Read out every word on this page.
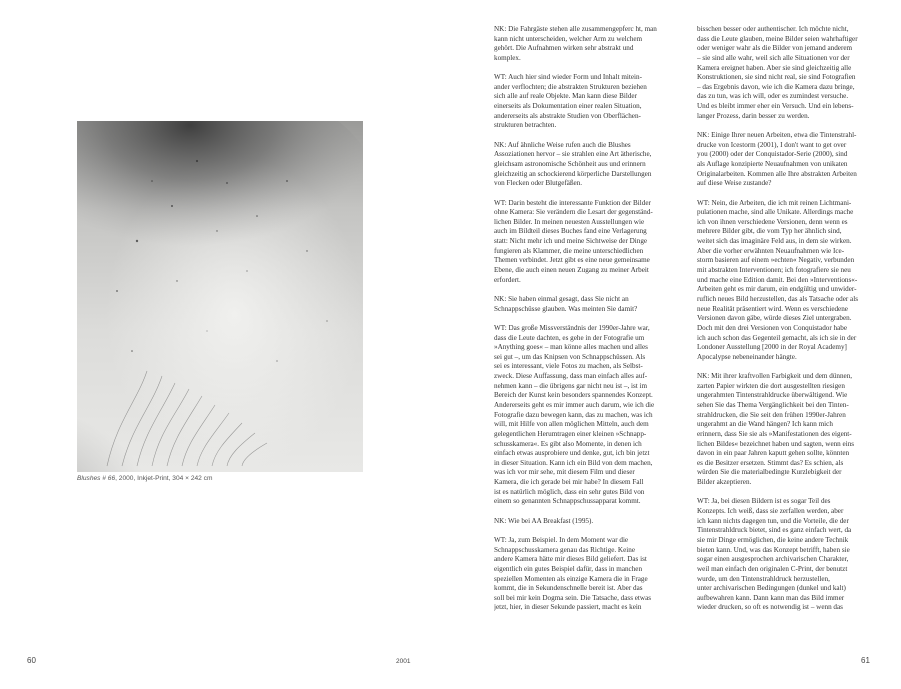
Blushes # 66, 2000, Inkjet-Print, 304 × 242 cm
NK: Die Fahrgäste stehen alle zusammengepferc ht, man
kann nicht unterscheiden, welcher Arm zu welchem
gehört. Die Aufnahmen wirken sehr abstrakt und
komplex.
WT: Auch hier sind wieder Form und Inhalt mitein-
ander verflochten; die abstrakten Strukturen beziehen
sich alle auf reale Objekte. Man kann diese Bilder
einerseits als Dokumentation einer realen Situation,
andererseits als abstrakte Studien von Oberflächen-
strukturen betrachten.
NK: Auf ähnliche Weise rufen auch die Blushes
Assoziationen hervor – sie strahlen eine Art ätherische,
gleichsam astronomische Schönheit aus und erinnern
gleichzeitig an schockierend körperliche Darstellungen
von Flecken oder Blutgefäßen.
WT: Darin besteht die interessante Funktion der Bilder
ohne Kamera: Sie verändern die Lesart der gegenständ-
lichen Bilder. In meinen neuesten Ausstellungen wie
auch im Bildteil dieses Buches fand eine Verlagerung
statt: Nicht mehr ich und meine Sichtweise der Dinge
fungieren als Klammer, die meine unterschiedlichen
Themen verbindet. Jetzt gibt es eine neue gemeinsame
Ebene, die auch einen neuen Zugang zu meiner Arbeit
erfordert.
NK: Sie haben einmal gesagt, dass Sie nicht an
Schnappschüsse glauben. Was meinten Sie damit?
WT: Das große Missverständnis der 1990er-Jahre war,
dass die Leute dachten, es gehe in der Fotografie um
»Anything goes« – man könne alles machen und alles
sei gut –, um das Knipsen von Schnappschüssen. Als
sei es interessant, viele Fotos zu machen, als Selbst-
zweck. Diese Auffassung, dass man einfach alles auf-
nehmen kann – die übrigens gar nicht neu ist –, ist im
Bereich der Kunst kein besonders spannendes Konzept.
Andererseits geht es mir immer auch darum, wie ich die
Fotografie dazu bewegen kann, das zu machen, was ich
will, mit Hilfe von allen möglichen Mitteln, auch dem
gelegentlichen Herumtragen einer kleinen »Schnapp-
schusskamera«. Es gibt also Momente, in denen ich
einfach etwas ausprobiere und denke, gut, ich bin jetzt
in dieser Situation. Kann ich ein Bild von dem machen,
was ich vor mir sehe, mit diesem Film und dieser
Kamera, die ich gerade bei mir habe? In diesem Fall
ist es natürlich möglich, dass ein sehr gutes Bild von
einem so genannten Schnappschussapparat kommt.
NK: Wie bei AA Breakfast (1995).
WT: Ja, zum Beispiel. In dem Moment war die
Schnappschusskamera genau das Richtige. Keine
andere Kamera hätte mir dieses Bild geliefert. Das ist
eigentlich ein gutes Beispiel dafür, dass in manchen
speziellen Momenten als einzige Kamera die in Frage
kommt, die in Sekundenschnelle bereit ist. Aber das
soll bei mir kein Dogma sein. Die Tatsache, dass etwas
jetzt, hier, in dieser Sekunde passiert, macht es kein
bisschen besser oder authentischer. Ich möchte nicht,
dass die Leute glauben, meine Bilder seien wahrhaftiger
oder weniger wahr als die Bilder von jemand anderem
– sie sind alle wahr, weil sich alle Situationen vor der
Kamera ereignet haben. Aber sie sind gleichzeitig alle
Konstruktionen, sie sind nicht real, sie sind Fotografien
– das Ergebnis davon, wie ich die Kamera dazu bringe,
das zu tun, was ich will, oder es zumindest versuche.
Und es bleibt immer eher ein Versuch. Und ein lebens-
langer Prozess, darin besser zu werden.
NK: Einige Ihrer neuen Arbeiten, etwa die Tintenstrahl-
drucke von Icestorm (2001), I don't want to get over
you (2000) oder der Conquistador-Serie (2000), sind
als Auflage konzipierte Neuaufnahmen von unikaten
Originalarbeiten. Kommen alle Ihre abstrakten Arbeiten
auf diese Weise zustande?
WT: Nein, die Arbeiten, die ich mit reinen Lichtmani-
pulationen mache, sind alle Unikate. Allerdings mache
ich von ihnen verschiedene Versionen, denn wenn es
mehrere Bilder gibt, die vom Typ her ähnlich sind,
weitet sich das imaginäre Feld aus, in dem sie wirken.
Aber die vorher erwähnten Neuaufnahmen wie Ice-
storm basieren auf einem »echten« Negativ, verbunden
mit abstrakten Interventionen; ich fotografiere sie neu
und mache eine Edition damit. Bei den »Interventions«-
Arbeiten geht es mir darum, ein endgültig und unwider-
ruflich neues Bild herzustellen, das als Tatsache oder als
neue Realität präsentiert wird. Wenn es verschiedene
Versionen davon gäbe, würde dieses Ziel untergraben.
Doch mit den drei Versionen von Conquistador habe
ich auch schon das Gegenteil gemacht, als ich sie in der
Londoner Ausstellung [2000 in der Royal Academy]
Apocalypse nebeneinander hängte.
NK: Mit ihrer kraftvollen Farbigkeit und dem dünnen,
zarten Papier wirkten die dort ausgestellten riesigen
ungerahmten Tintenstrahldrucke überwältigend. Wie
sehen Sie das Thema Vergänglichkeit bei den Tinten-
strahldrucken, die Sie seit den frühen 1990er-Jahren
ungerahmt an die Wand hängen? Ich kann mich
erinnern, dass Sie sie als »Manifestationen des eigent-
lichen Bildes« bezeichnet haben und sagten, wenn eins
davon in ein paar Jahren kaputt gehen sollte, könnten
es die Besitzer ersetzen. Stimmt das? Es schien, als
würden Sie die materialbedingte Kurzlebigkeit der
Bilder akzeptieren.
WT: Ja, bei diesen Bildern ist es sogar Teil des
Konzepts. Ich weiß, dass sie zerfallen werden, aber
ich kann nichts dagegen tun, und die Vorteile, die der
Tintenstrahldruck bietet, sind es ganz einfach wert, da
sie mir Dinge ermöglichen, die keine andere Technik
bieten kann. Und, was das Konzept betrifft, haben sie
sogar einen ausgesprochen archivarischen Charakter,
weil man einfach den originalen C-Print, der benutzt
wurde, um den Tintenstrahldruck herzustellen,
unter archivarischen Bedingungen (dunkel und kalt)
aufbewahren kann. Dann kann man das Bild immer
wieder drucken, so oft es notwendig ist – wenn das
60	2001	61
